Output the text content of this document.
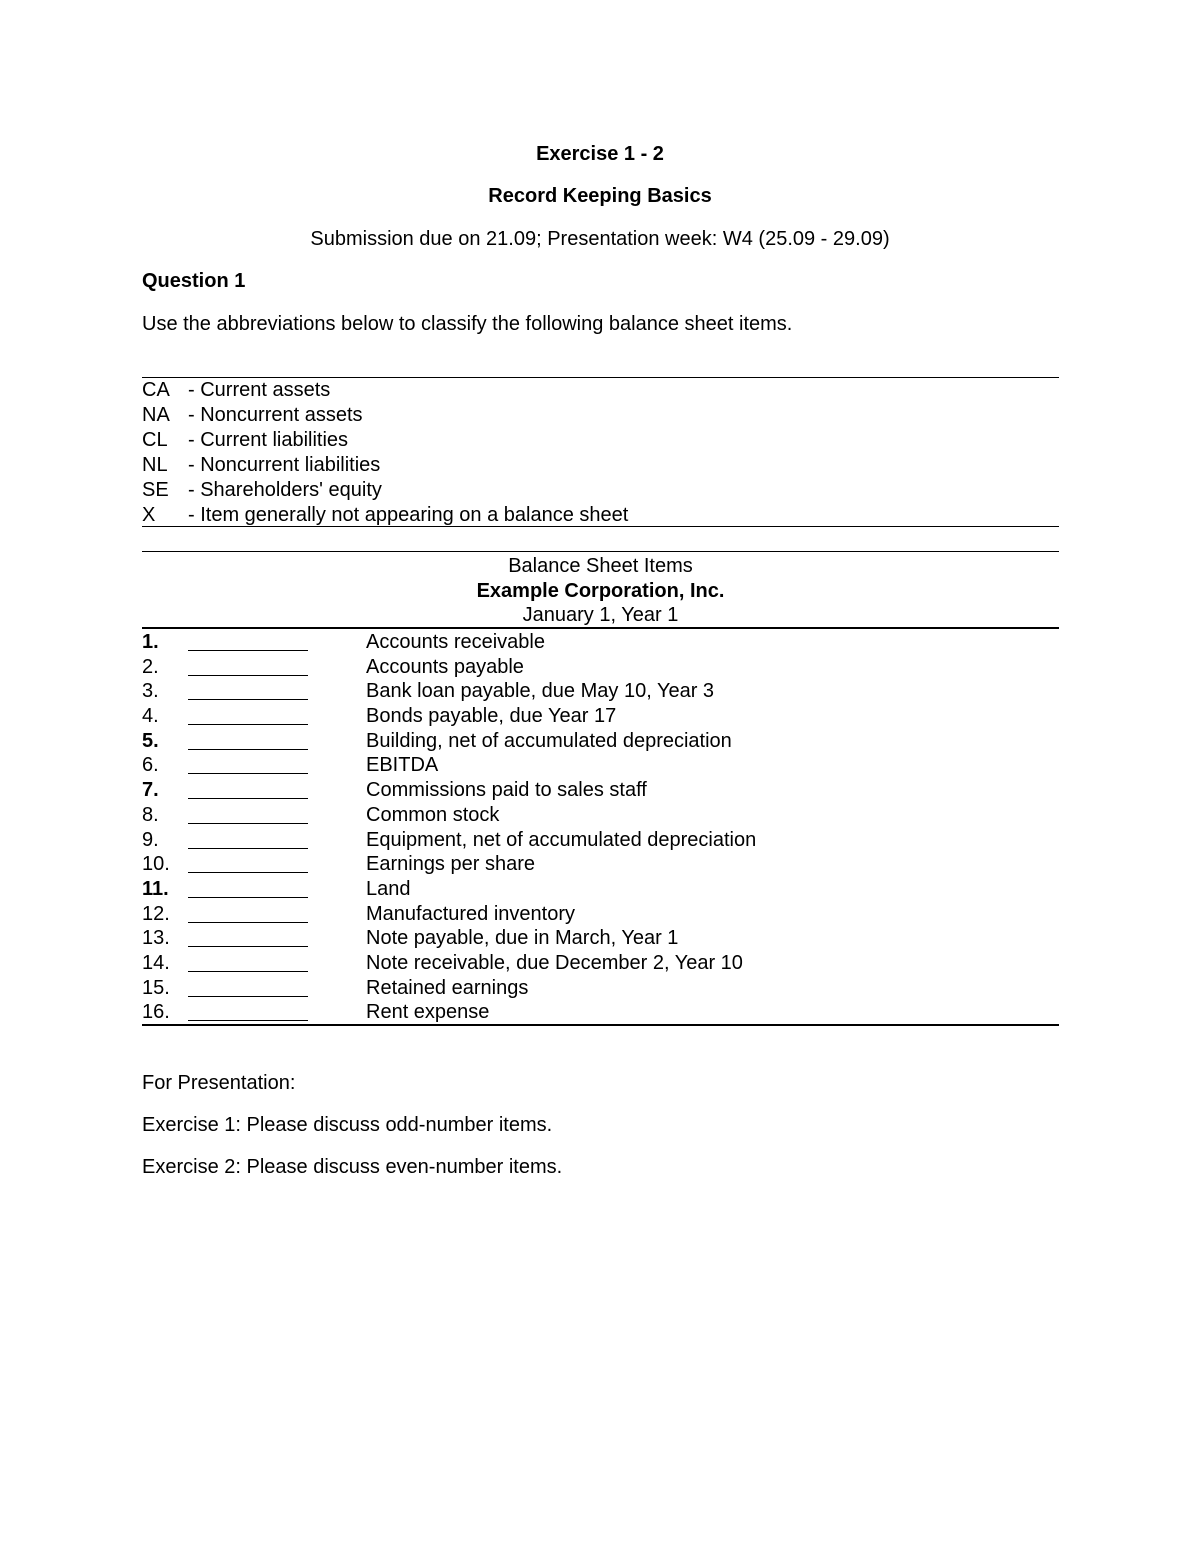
Exercise 1 - 2
Record Keeping Basics
Submission due on 21.09; Presentation week: W4 (25.09 - 29.09)
Question 1
Use the abbreviations below to classify the following balance sheet items.
CA - Current assets
NA - Noncurrent assets
CL - Current liabilities
NL - Noncurrent liabilities
SE - Shareholders' equity
X - Item generally not appearing on a balance sheet
Balance Sheet Items
Example Corporation, Inc.
January 1, Year 1
1.	Accounts receivable
2.	Accounts payable
3.	Bank loan payable, due May 10, Year 3
4.	Bonds payable, due Year 17
5.	Building, net of accumulated depreciation
6.	EBITDA
7.	Commissions paid to sales staff
8.	Common stock
9.	Equipment, net of accumulated depreciation
10.	Earnings per share
11.	Land
12.	Manufactured inventory
13.	Note payable, due in March, Year 1
14.	Note receivable, due December 2, Year 10
15.	Retained earnings
16.	Rent expense
For Presentation:
Exercise 1: Please discuss odd-number items.
Exercise 2: Please discuss even-number items.
